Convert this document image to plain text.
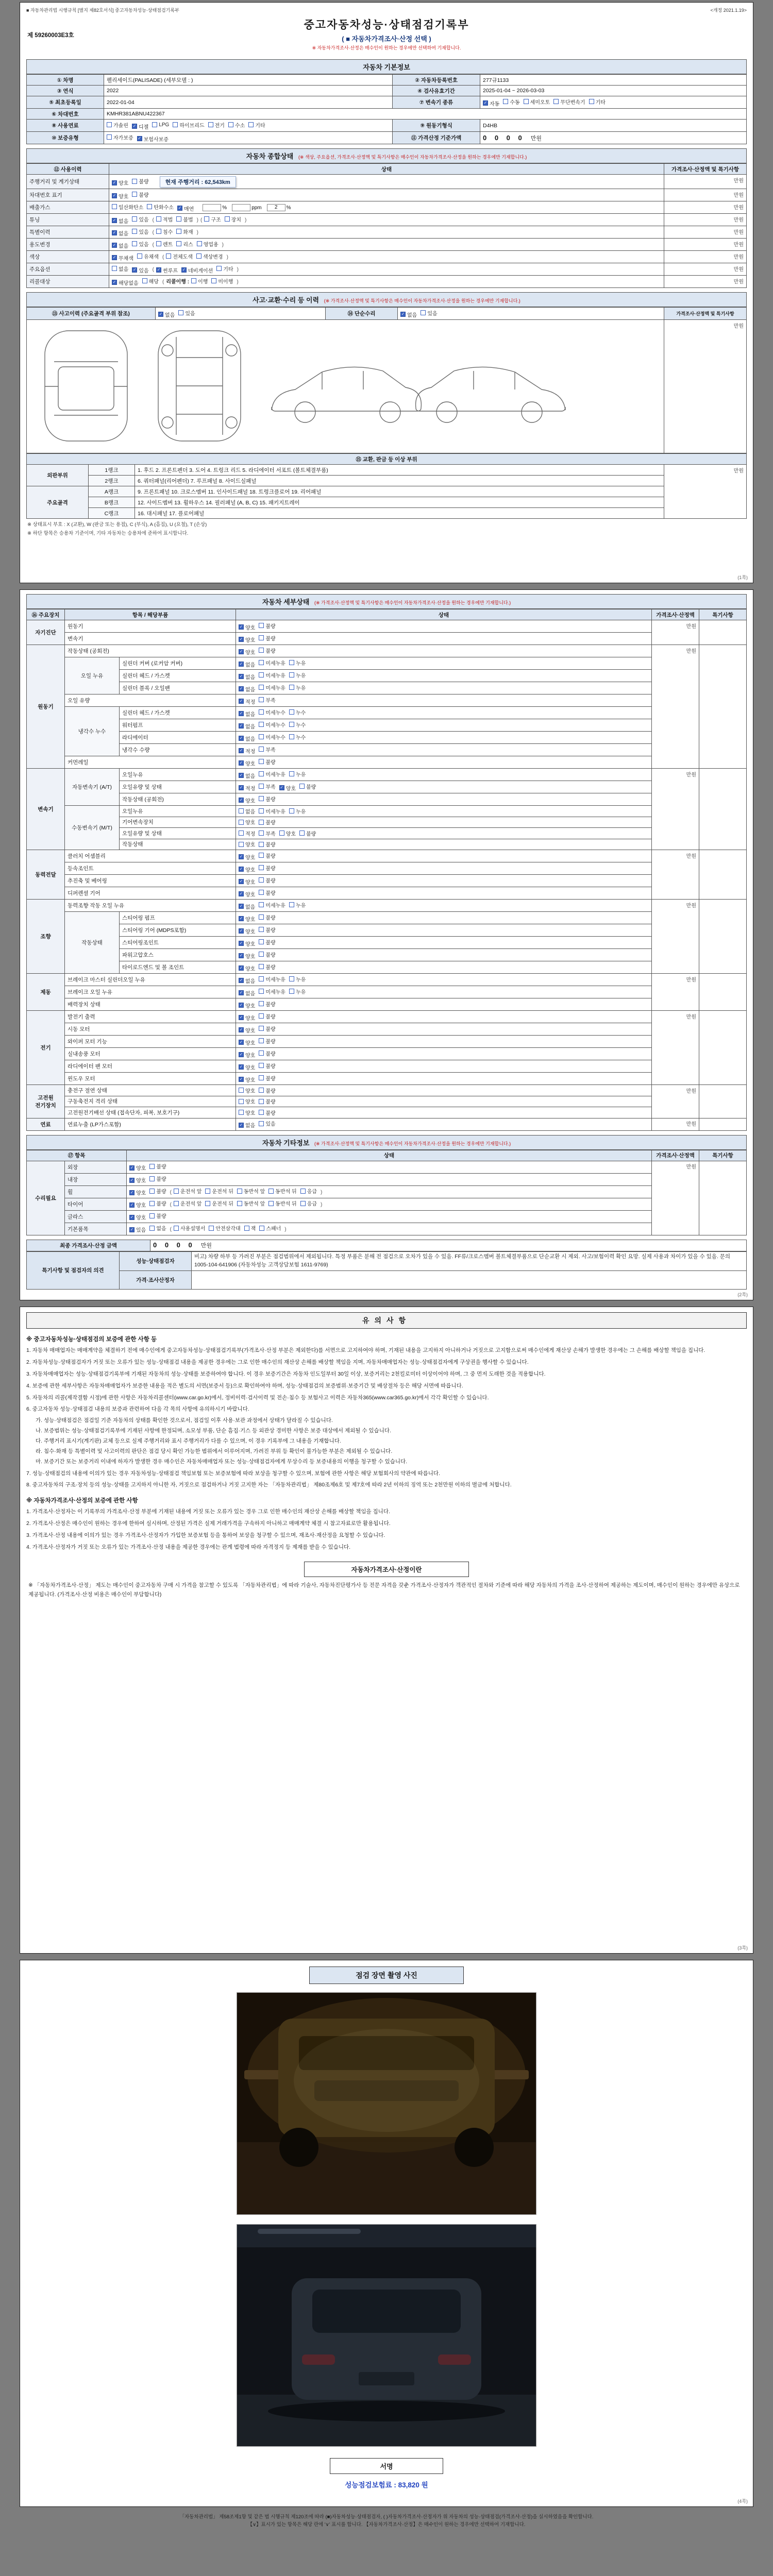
■ 자동차관리법 시행규칙 [별지 제82호서식] 중고자동차성능·상태점검기록부	<개정 2021.1.19>
제 59260003E3호
중고자동차성능·상태점검기록부
( ■ 자동차가격조사·산정 선택 )
※ 자동차가격조사·산정은 매수인이 원하는 경우에만 선택하여 기재합니다.
자동차 기본정보
① 차명	펠리세이드(PALISADE) (세부모델 : )	② 자동차등록번호	277규1133
③ 연식	2022	④ 검사유효기간	2025-01-04 ~ 2026-03-03
⑤ 최초등록일	2022-01-04	⑦ 변속기 종류	✓ 자동 수동 세미오토 무단변속기 기타

⑥ 차대번호	KMHR381ABNU422367		
⑧ 사용연료	가솔린 ✓ 디젤 LPG 하이브리드 전기 수소 기타	⑨ 원동기형식	D4HB
⑩ 보증유형	자가보증 ✓ 보험사보증	⑪ 가격산정 기준가액	0 0 0 0 만원
자동차 종합상태 (※ 색상, 주요옵션, 가격조사·산정액 및 특기사항은 매수인이 자동차가격조사·산정을 원하는 경우에만 기재합니다.)
⑫ 사용이력	상태	가격조사·산정액 및 특기사항
주행거리 및 계기상태	✓ 양호 불량 현재 주행거리 : 62,543km	만원
차대번호 표기	✓ 양호 불량	만원
배출가스	일산화탄소 탄화수소 ✓ 매연 % ppm 2 %	만원
튜닝	✓ 없음 있음 ( 적법 불법 ) ( 구조 장치 )	만원
특별이력	✓ 없음 있음 ( 침수 화재 )	만원
용도변경	✓ 없음 있음 ( 렌트 리스 영업용 )	만원
색상	✓ 무채색 유채색 ( 전체도색 색상변경 )	만원
주요옵션	없음 ✓ 있음 ( ✓ 썬루프 ✓ 네비게이션 기타 )	만원
리콜대상	✓ 해당없음 해당 ( 리콜이행 : 이행 미이행 )	만원
사고·교환·수리 등 이력 (※ 가격조사·산정액 및 특기사항은 매수인이 자동차가격조사·산정을 원하는 경우에만 기재합니다.)
⑬ 사고이력 (주요골격 부위 참조)	✓ 없음 있음	⑭ 단순수리	✓ 없음 있음	가격조사·산정액 및 특기사항
	만원
⑮ 교환, 판금 등 이상 부위			
외판부위	1랭크	1. 후드 2. 프론트펜더 3. 도어 4. 트렁크 리드 5. 라디에이터 서포트 (볼트체결부품)	만원
	2랭크	6. 쿼터패널(리어펜더) 7. 루프패널 8. 사이드실패널	
주요골격	A랭크	9. 프론트패널 10. 크로스멤버 11. 인사이드패널 18. 트렁크플로어 19. 리어패널	
	B랭크	12. 사이드멤버 13. 휠하우스 14. 필러패널 (A, B, C) 15. 패키지트레이	
	C랭크	16. 대시패널 17. 플로어패널	
※ 상태표시 부호 : X (교환), W (판금 또는 용접), C (부식), A (흠집), U (요철), T (손상)
※ 하단 항목은 승용차 기준이며, 기타 자동차는 승용차에 준하여 표시합니다.
(1쪽)
자동차 세부상태 (※ 가격조사·산정액 및 특기사항은 매수인이 자동차가격조사·산정을 원하는 경우에만 기재합니다.)
⑯ 주요장치	항목 / 해당부품		상태	가격조사·산정액	특기사항
자기진단	원동기		✓ 양호 불량	만원	
	변속기		✓ 양호 불량		

원동기	작동상태 (공회전)		✓ 양호 불량	만원	
	오일 누유	실린더 커버 (로커암 커버)	✓ 없음 미세누유 누유		

		실린더 헤드 / 가스켓	✓ 없음 미세누유 누유		

		실린더 블록 / 오일팬	✓ 없음 미세누유 누유		

	오일 유량		✓ 적정 부족		

	냉각수 누수	실린더 헤드 / 가스켓	✓ 없음 미세누수 누수		

		워터펌프	✓ 없음 미세누수 누수		

		라디에이터	✓ 없음 미세누수 누수		

		냉각수 수량	✓ 적정 부족		

	커먼레일		✓ 양호 불량		

변속기	자동변속기 (A/T)	오일누유	✓ 없음 미세누유 누유	만원	
오일유량 및 상태	✓ 적정 부족 ✓ 양호 불량

		작동상태 (공회전)	✓ 양호 불량		

	수동변속기 (M/T)	오일누유	없음 미세누유 누유		

		기어변속장치	양호 불량		

		오일유량 및 상태	적정 부족 양호 불량		

		작동상태	양호 불량		

동력전달	클러치 어셈블리		✓ 양호 불량	만원	
	등속조인트		✓ 양호 불량		

	추진축 및 베어링		✓ 양호 불량		

	디퍼렌셜 기어		✓ 양호 불량		

조향	동력조향 작동 오일 누유		✓ 없음 미세누유 누유	만원	
	작동상태	스티어링 펌프	✓ 양호 불량		

		스티어링 기어 (MDPS포함)	✓ 양호 불량		

		스티어링조인트	✓ 양호 불량		

		파워고압호스	✓ 양호 불량		

		타이로드엔드 및 볼 조인트	✓ 양호 불량		

제동	브레이크 마스터 실린더오일 누유		✓ 없음 미세누유 누유	만원	
	브레이크 오일 누유		✓ 없음 미세누유 누유		

	배력장치 상태		✓ 양호 불량		

전기	발전기 출력		✓ 양호 불량	만원	
	시동 모터		✓ 양호 불량		

	와이퍼 모터 기능		✓ 양호 불량		

	실내송풍 모터		✓ 양호 불량		

	라디에이터 팬 모터		✓ 양호 불량		

	윈도우 모터		✓ 양호 불량		

고전원 전기장치	충전구 절연 상태		양호 불량	만원	
	구동축전지 격리 상태		양호 불량		

	고전원전기배선 상태 (접속단자, 피복, 보호기구)		양호 불량		

연료	연료누출 (LP가스포함)		✓ 없음 있음	만원	
자동차 기타정보 (※ 가격조사·산정액 및 특기사항은 매수인이 자동차가격조사·산정을 원하는 경우에만 기재합니다.)
⑰ 항목		상태	가격조사·산정액	특기사항
수리필요	외장	✓ 양호 불량	만원	
	내장	✓ 양호 불량		

휠	✓ 양호 불량 ( 운전석 앞 운전석 뒤 동반석 앞 동반석 뒤 응급 )
타이어	✓ 양호 불량 ( 운전석 앞 운전석 뒤 동반석 앞 동반석 뒤 응급 )
	글라스	✓ 양호 불량		

기본품목	✓ 있음 없음 ( 사용설명서 안전삼각대 잭 스패너 )
최종 가격조사·산정 금액	0 0 0 0 만원
특기사항 및 점검자의 의견	성능·상태점검자	비고) 차량 하부 등 가려진 부분은 점검범위에서 제외됩니다. 특정 부품은 분해 전 점검으로 오차가 있을 수 있음. FF류/크로스멤버 볼트체결부품으로 단순교환 시 제외. 사고/보험이력 확인 요망. 실제 사용과 차이가 있을 수 있음. 문의 1005-104-641906 (자동차성능 고객상담보험 1611-9769)
	가격·조사산정자	
(2쪽)
유의사항
※ 중고자동차성능·상태점검의 보증에 관한 사항 등
1. 자동차 매매업자는 매매계약을 체결하기 전에 매수인에게 중고자동차성능·상태점검기록부(가격조사·산정 부분은 제외한다)를 서면으로 고지하여야 하며, 기재된 내용을 고지하지 아니하거나 거짓으로 고지함으로써 매수인에게 재산상 손해가 발생한 경우에는 그 손해를 배상할 책임을 집니다.
2. 자동차성능·상태점검자가 거짓 또는 오류가 있는 성능·상태점검 내용을 제공한 경우에는 그로 인한 매수인의 재산상 손해를 배상할 책임을 지며, 자동차매매업자는 성능·상태점검자에게 구상권을 행사할 수 있습니다.
3. 자동차매매업자는 성능·상태점검기록부에 기재된 자동차의 성능·상태를 보증하여야 합니다. 이 경우 보증기간은 자동차 인도일부터 30일 이상, 보증거리는 2천킬로미터 이상이어야 하며, 그 중 먼저 도래한 것을 적용합니다.
4. 보증에 관한 세부사항은 자동차매매업자가 보증한 내용을 적은 별도의 서면(보증서 등)으로 확인하여야 하며, 성능·상태점검의 보증범위·보증기간 및 배상절차 등은 해당 서면에 따릅니다.
5. 자동차의 리콜(제작결함 시정)에 관한 사항은 자동차리콜센터(www.car.go.kr)에서, 정비이력·검사이력 및 전손·침수 등 보험사고 이력은 자동차365(www.car365.go.kr)에서 각각 확인할 수 있습니다.
6. 중고자동차 성능·상태점검 내용의 보증과 관련하여 다음 각 목의 사항에 유의하시기 바랍니다.
가. 성능·상태점검은 점검일 기준 자동차의 상태를 확인한 것으로서, 점검일 이후 사용·보관 과정에서 상태가 달라질 수 있습니다.
나. 보증범위는 성능·상태점검기록부에 기재된 사항에 한정되며, 소모성 부품, 단순 흠집·기스 등 외관상 경미한 사항은 보증 대상에서 제외될 수 있습니다.
다. 주행거리 표시기(계기판) 교체 등으로 실제 주행거리와 표시 주행거리가 다를 수 있으며, 이 경우 기록부에 그 내용을 기재합니다.
라. 침수·화재 등 특별이력 및 사고이력의 판단은 점검 당시 확인 가능한 범위에서 이루어지며, 가려진 부위 등 확인이 불가능한 부분은 제외될 수 있습니다.
마. 보증기간 또는 보증거리 이내에 하자가 발생한 경우 매수인은 자동차매매업자 또는 성능·상태점검자에게 무상수리 등 보증내용의 이행을 청구할 수 있습니다.
7. 성능·상태점검의 내용에 이의가 있는 경우 자동차성능·상태점검 책임보험 또는 보증보험에 따라 보상을 청구할 수 있으며, 보험에 관한 사항은 해당 보험회사의 약관에 따릅니다.
8. 중고자동차의 구조·장치 등의 성능·상태를 고지하지 아니한 자, 거짓으로 점검하거나 거짓 고지한 자는 「자동차관리법」 제80조제6호 및 제7호에 따라 2년 이하의 징역 또는 2천만원 이하의 벌금에 처합니다.
※ 자동차가격조사·산정의 보증에 관한 사항
1. 가격조사·산정자는 이 기록부의 가격조사·산정 부분에 기재된 내용에 거짓 또는 오류가 있는 경우 그로 인한 매수인의 재산상 손해를 배상할 책임을 집니다.
2. 가격조사·산정은 매수인이 원하는 경우에 한하여 실시하며, 산정된 가격은 실제 거래가격을 구속하지 아니하고 매매계약 체결 시 참고자료로만 활용됩니다.
3. 가격조사·산정 내용에 이의가 있는 경우 가격조사·산정자가 가입한 보증보험 등을 통하여 보상을 청구할 수 있으며, 재조사·재산정을 요청할 수 있습니다.
4. 가격조사·산정자가 거짓 또는 오류가 있는 가격조사·산정 내용을 제공한 경우에는 관계 법령에 따라 자격정지 등 제재를 받을 수 있습니다.
자동차가격조사·산정이란
※ 「자동차가격조사·산정」 제도는 매수인이 중고자동차 구매 시 가격을 참고할 수 있도록 「자동차관리법」에 따라 기술사, 자동차진단평가사 등 전문 자격을 갖춘 가격조사·산정자가 객관적인 절차와 기준에 따라 해당 자동차의 가격을 조사·산정하여 제공하는 제도이며, 매수인이 원하는 경우에만 유상으로 제공됩니다. (가격조사·산정 비용은 매수인이 부담합니다)
(3쪽)
점검 장면 촬영 사진
서명
성능점검보험료 : 83,820 원
(4쪽)
「자동차관리법」 제58조제1항 및 같은 법 시행규칙 제120조에 따라 (■)자동차성능·상태점검자, ( )자동차가격조사·산정자가 위 자동차의 성능·상태점검(가격조사·산정)을 실시하였음을 확인합니다.
【∨】표시가 있는 항목은 해당 란에 '∨' 표시를 합니다. 【자동차가격조사·산정】은 매수인이 원하는 경우에만 선택하여 기재합니다.
